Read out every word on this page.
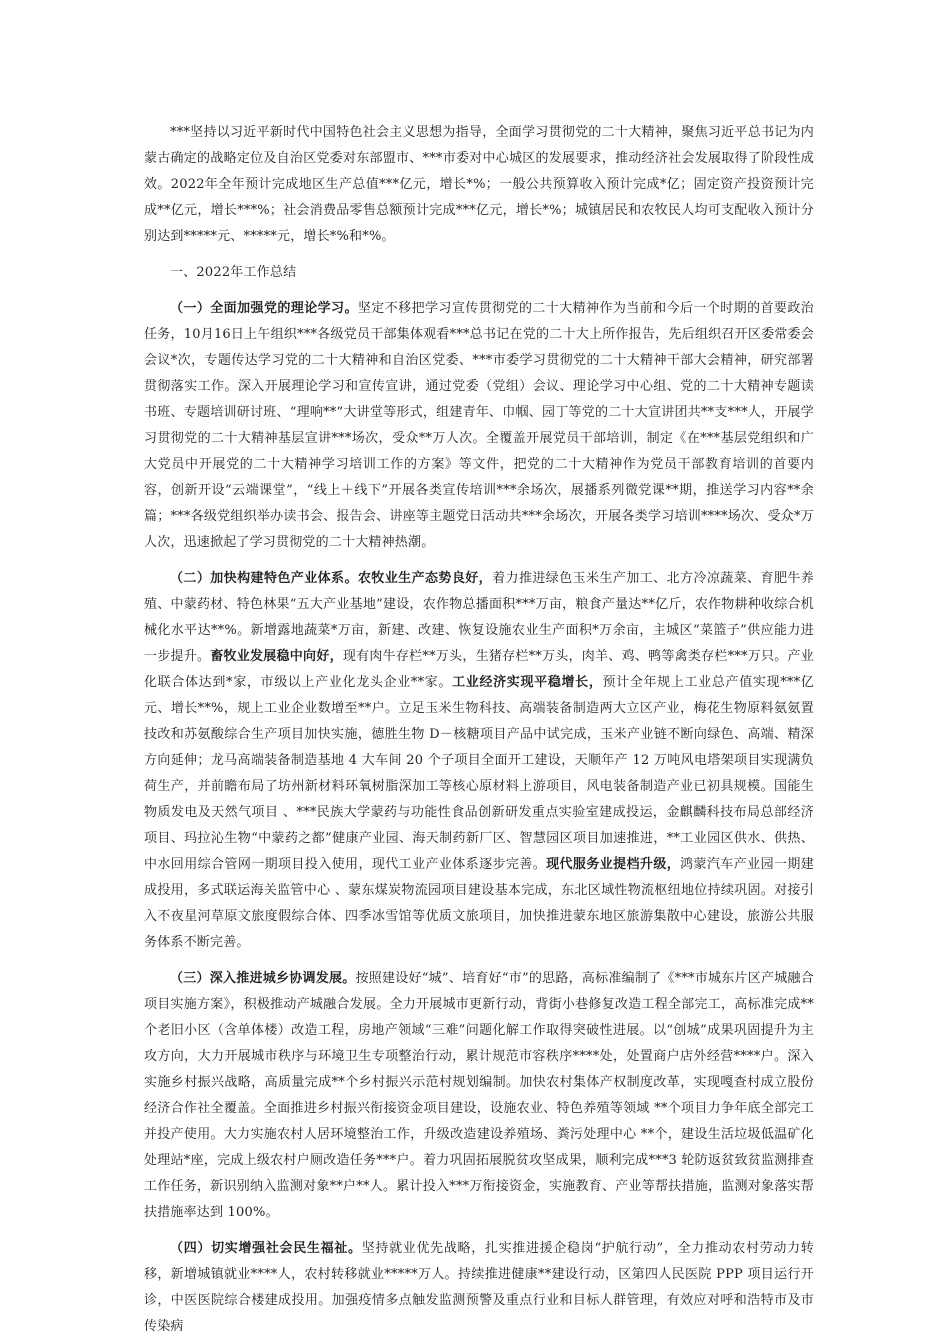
***坚持以习近平新时代中国特色社会主义思想为指导，全面学习贯彻党的二十大精神，聚焦习近平总书记为内蒙古确定的战略定位及自治区党委对东部盟市、***市委对中心城区的发展要求，推动经济社会发展取得了阶段性成效。2022年全年预计完成地区生产总值***亿元，增长*%；一般公共预算收入预计完成*亿；固定资产投资预计完成**亿元，增长***%；社会消费品零售总额预计完成***亿元，增长*%；城镇居民和农牧民人均可支配收入预计分别达到*****元、*****元，增长*%和*%。

一、2022年工作总结

（一）全面加强党的理论学习。坚定不移把学习宣传贯彻党的二十大精神作为当前和今后一个时期的首要政治任务，10月16日上午组织***各级党员干部集体观看***总书记在党的二十大上所作报告，先后组织召开区委常委会会议*次，专题传达学习党的二十大精神和自治区党委、***市委学习贯彻党的二十大精神干部大会精神，研究部署贯彻落实工作。深入开展理论学习和宣传宣讲，通过党委（党组）会议、理论学习中心组、党的二十大精神专题读书班、专题培训研讨班、“理响**”大讲堂等形式，组建青年、巾帼、园丁等党的二十大宣讲团共**支***人，开展学习贯彻党的二十大精神基层宣讲***场次，受众**万人次。全覆盖开展党员干部培训，制定《在***基层党组织和广大党员中开展党的二十大精神学习培训工作的方案》等文件，把党的二十大精神作为党员干部教育培训的首要内容，创新开设“云端课堂”，“线上＋线下”开展各类宣传培训***余场次，展播系列微党课**期，推送学习内容**余篇；***各级党组织举办读书会、报告会、讲座等主题党日活动共***余场次，开展各类学习培训****场次、受众*万人次，迅速掀起了学习贯彻党的二十大精神热潮。

（二）加快构建特色产业体系。农牧业生产态势良好，着力推进绿色玉米生产加工、北方冷凉蔬菜、育肥牛养殖、中蒙药材、特色林果“五大产业基地”建设，农作物总播面积***万亩，粮食产量达**亿斤，农作物耕种收综合机械化水平达**%。新增露地蔬菜*万亩，新建、改建、恢复设施农业生产面积*万余亩，主城区“菜篮子”供应能力进一步提升。畜牧业发展稳中向好，现有肉牛存栏**万头，生猪存栏**万头，肉羊、鸡、鸭等禽类存栏***万只。产业化联合体达到*家，市级以上产业化龙头企业**家。工业经济实现平稳增长，预计全年规上工业总产值实现***亿元、增长**%，规上工业企业数增至**户。立足玉米生物科技、高端装备制造两大立区产业，梅花生物原料氨氨置技改和苏氨酸综合生产项目加快实施，德胜生物 D－核糖项目产品中试完成，玉米产业链不断向绿色、高端、精深方向延伸；龙马高端装备制造基地 4 大车间 20 个子项目全面开工建设，天顺年产 12 万吨风电塔架项目实现满负荷生产，并前瞻布局了坊州新材料环氧树脂深加工等核心原材料上游项目，风电装备制造产业已初具规模。国能生物质发电及天然气项目 、***民族大学蒙药与功能性食品创新研发重点实验室建成投运，金麒麟科技布局总部经济项目、玛拉沁生物“中蒙药之都”健康产业园、海天制药新厂区、智慧园区项目加速推进，**工业园区供水、供热、中水回用综合管网一期项目投入使用，现代工业产业体系逐步完善。现代服务业提档升级，鸿蒙汽车产业园一期建成投用，多式联运海关监管中心 、蒙东煤炭物流园项目建设基本完成，东北区域性物流枢纽地位持续巩固。对接引入不夜星河草原文旅度假综合体、四季冰雪馆等优质文旅项目，加快推进蒙东地区旅游集散中心建设，旅游公共服务体系不断完善。

（三）深入推进城乡协调发展。按照建设好“城”、培育好“市”的思路，高标准编制了《***市城东片区产城融合项目实施方案》，积极推动产城融合发展。全力开展城市更新行动，背街小巷修复改造工程全部完工，高标准完成**个老旧小区（含单体楼）改造工程，房地产领域“三难”问题化解工作取得突破性进展。以“创城”成果巩固提升为主攻方向，大力开展城市秩序与环境卫生专项整治行动，累计规范市容秩序****处，处置商户店外经营****户。深入实施乡村振兴战略，高质量完成**个乡村振兴示范村规划编制。加快农村集体产权制度改革，实现嘎查村成立股份经济合作社全覆盖。全面推进乡村振兴衔接资金项目建设，设施农业、特色养殖等领域 **个项目力争年底全部完工并投产使用。大力实施农村人居环境整治工作，升级改造建设养殖场、粪污处理中心 **个，建设生活垃圾低温矿化处理站*座，完成上级农村户厕改造任务***户。着力巩固拓展脱贫攻坚成果，顺利完成***3 轮防返贫致贫监测排查工作任务，新识别纳入监测对象**户**人。累计投入***万衔接资金，实施教育、产业等帮扶措施，监测对象落实帮扶措施率达到 100%。

（四）切实增强社会民生福祉。坚持就业优先战略，扎实推进援企稳岗“护航行动”，全力推动农村劳动力转移，新增城镇就业****人，农村转移就业*****万人。持续推进健康**建设行动，区第四人民医院 PPP 项目运行开诊，中医医院综合楼建成投用。加强疫情多点触发监测预警及重点行业和目标人群管理，有效应对呼和浩特市及市传染病
